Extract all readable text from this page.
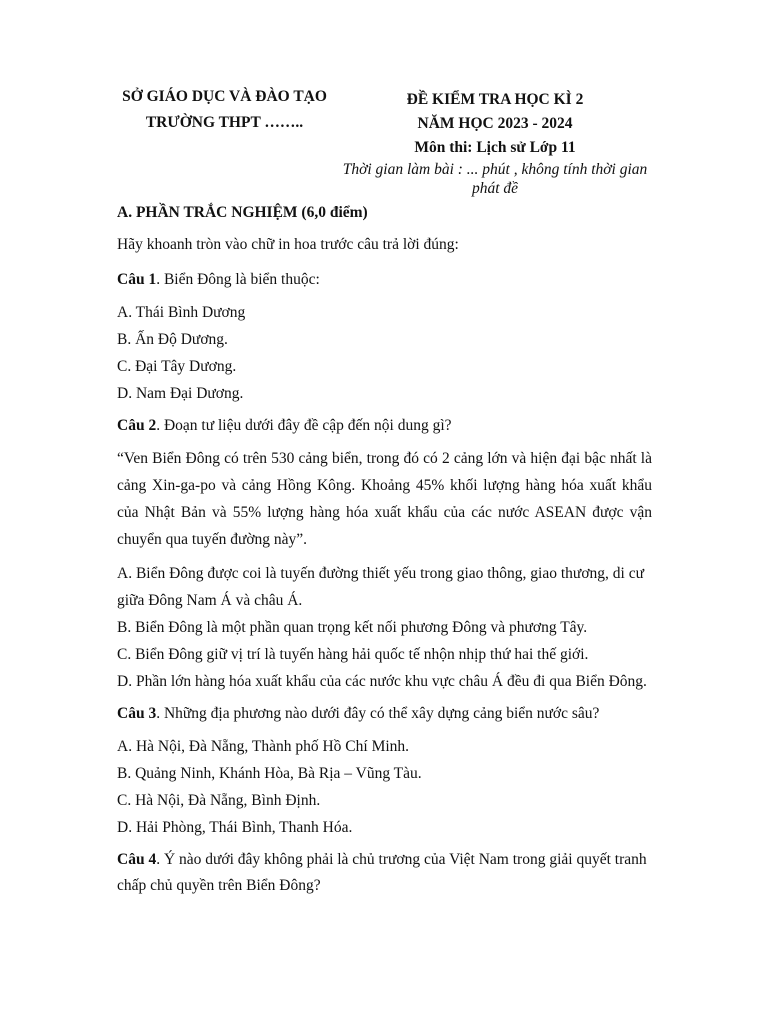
SỞ GIÁO DỤC VÀ ĐÀO TẠO
TRƯỜNG THPT ……..
ĐỀ KIỂM TRA HỌC KÌ 2
NĂM HỌC 2023 - 2024
Môn thi: Lịch sử Lớp 11
Thời gian làm bài : ... phút , không tính thời gian phát đề

A. PHẦN TRẮC NGHIỆM (6,0 điểm)

Hãy khoanh tròn vào chữ in hoa trước câu trả lời đúng:

Câu 1. Biển Đông là biển thuộc:

A. Thái Bình Dương

B. Ấn Độ Dương.

C. Đại Tây Dương.

D. Nam Đại Dương.

Câu 2. Đoạn tư liệu dưới đây đề cập đến nội dung gì?

“Ven Biển Đông có trên 530 cảng biển, trong đó có 2 cảng lớn và hiện đại bậc nhất là cảng Xin-ga-po và cảng Hồng Kông. Khoảng 45% khối lượng hàng hóa xuất khẩu của Nhật Bản và 55% lượng hàng hóa xuất khẩu của các nước ASEAN được vận chuyển qua tuyến đường này”.

A. Biển Đông được coi là tuyến đường thiết yếu trong giao thông, giao thương, di cư giữa Đông Nam Á và châu Á.

B. Biển Đông là một phần quan trọng kết nối phương Đông và phương Tây.

C. Biển Đông giữ vị trí là tuyến hàng hải quốc tế nhộn nhịp thứ hai thế giới.

D. Phần lớn hàng hóa xuất khẩu của các nước khu vực châu Á đều đi qua Biển Đông.

Câu 3. Những địa phương nào dưới đây có thể xây dựng cảng biển nước sâu?

A. Hà Nội, Đà Nẵng, Thành phố Hồ Chí Minh.

B. Quảng Ninh, Khánh Hòa, Bà Rịa – Vũng Tàu.

C. Hà Nội, Đà Nẵng, Bình Định.

D. Hải Phòng, Thái Bình, Thanh Hóa.

Câu 4. Ý nào dưới đây không phải là chủ trương của Việt Nam trong giải quyết tranh chấp chủ quyền trên Biển Đông?
